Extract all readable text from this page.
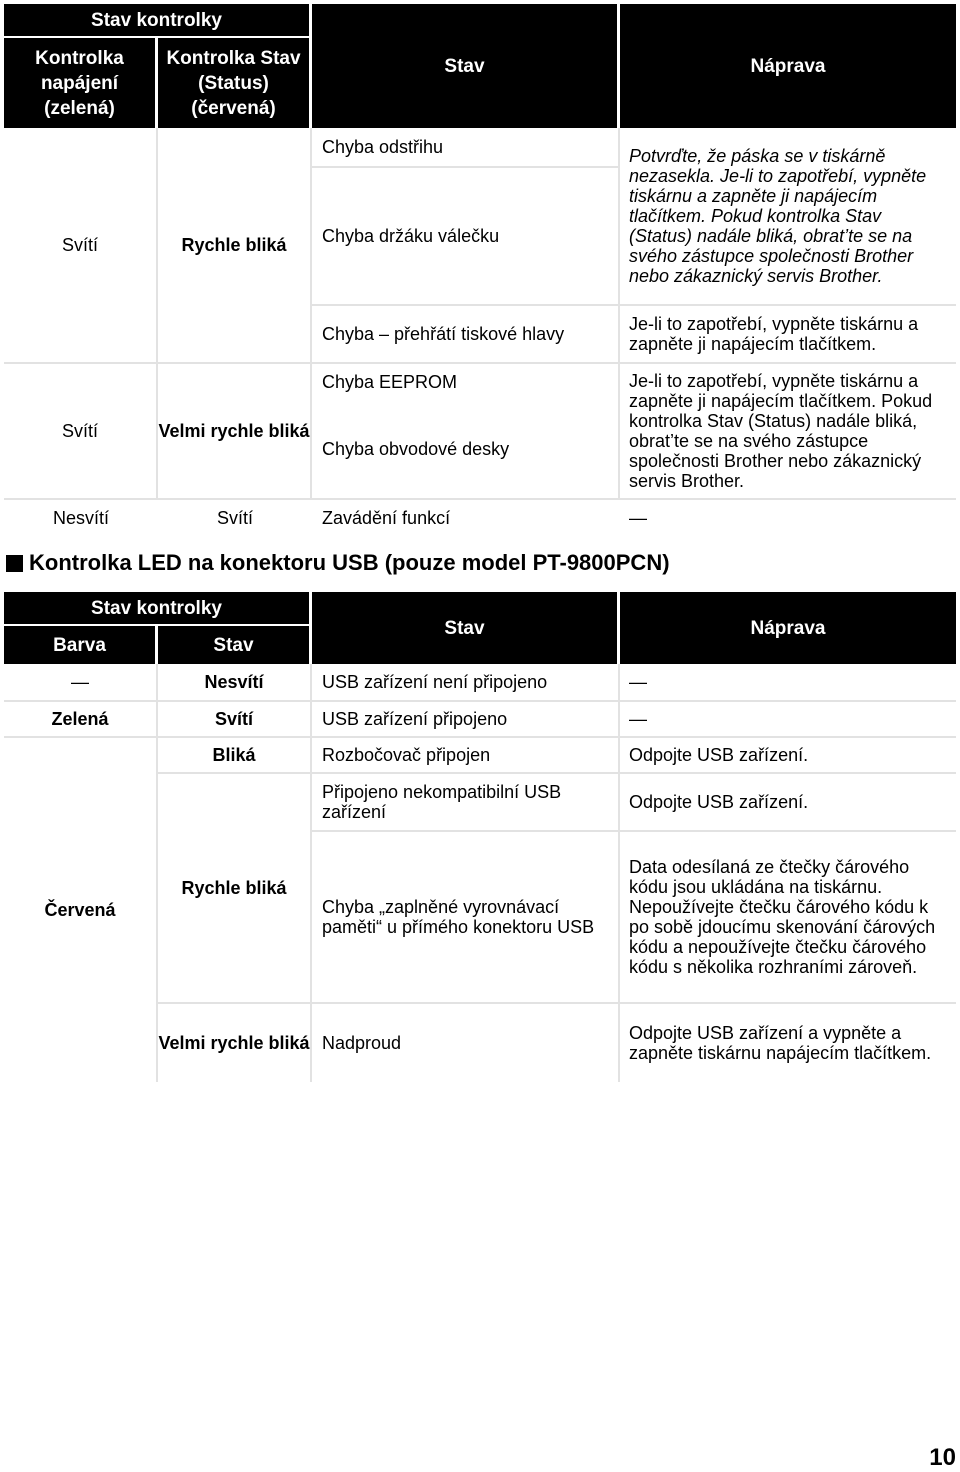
Stav kontrolky		Stav	Náprava
Kontrolka napájení (zelená)	Kontrolka Stav (Status) (červená)		
Svítí	Rychle bliká	Chyba odstřihu	Potvrďte, že páska se v tiskárně nezasekla. Je-li to zapotřebí, vypněte tiskárnu a zapněte ji napájecím tlačítkem. Pokud kontrolka Stav (Status) nadále bliká, obrat’te se na svého zástupce společnosti Brother nebo zákaznický servis Brother.
		Chyba držáku válečku	
		Chyba – přehřátí tiskové hlavy	Je-li to zapotřebí, vypněte tiskárnu a zapněte ji napájecím tlačítkem.
Svítí	Velmi rychle bliká	Chyba EEPROM	Je-li to zapotřebí, vypněte tiskárnu a zapněte ji napájecím tlačítkem. Pokud kontrolka Stav (Status) nadále bliká, obrat’te se na svého zástupce společnosti Brother nebo zákaznický servis Brother.
		Chyba obvodové desky	
Nesvítí	Svítí	Zavádění funkcí	—
Kontrolka LED na konektoru USB (pouze model PT-9800PCN)
Stav kontrolky		Stav	Náprava
Barva	Stav		
—	Nesvítí	USB zařízení není připojeno	—
Zelená	Svítí	USB zařízení připojeno	—
Červená	Bliká	Rozbočovač připojen	Odpojte USB zařízení.
	Rychle bliká	Připojeno nekompatibilní USB zařízení	Odpojte USB zařízení.
		Chyba „zaplněné vyrovnávací paměti“ u přímého konektoru USB	Data odesílaná ze čtečky čárového kódu jsou ukládána na tiskárnu. Nepoužívejte čtečku čárového kódu k po sobě jdoucímu skenování čárových kódu a nepoužívejte čtečku čárového kódu s několika rozhraními zároveň.
	Velmi rychle bliká	Nadproud	Odpojte USB zařízení a vypněte a zapněte tiskárnu napájecím tlačítkem.
10
